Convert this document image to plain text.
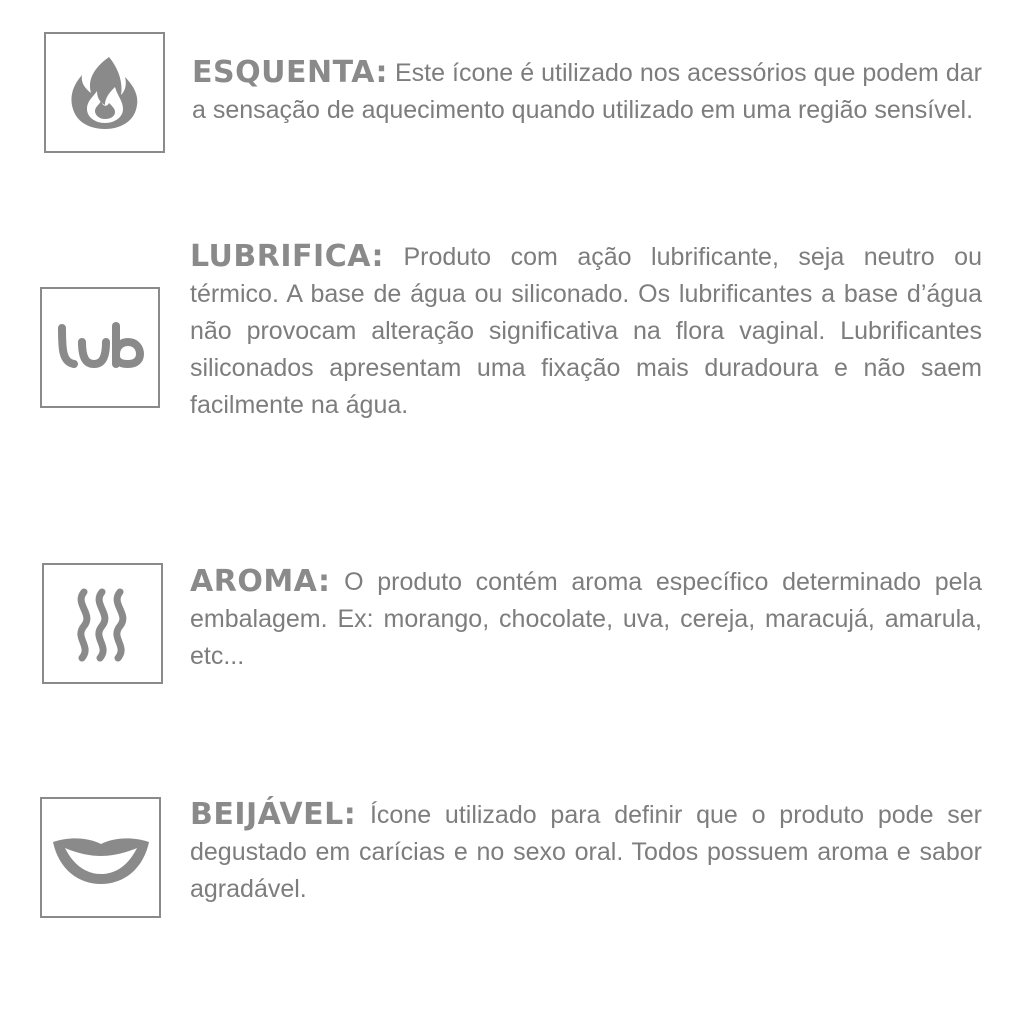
ESQUENTA: Este ícone é utilizado nos acessórios que podem dar a sensação de aquecimento quando utilizado em uma região sensível.

LUBRIFICA: Produto com ação lubrificante, seja neutro ou térmico. A base de água ou siliconado. Os lubrificantes a base d’água não provocam alteração significativa na flora vaginal. Lubrificantes siliconados apresentam uma fixação mais duradoura e não saem facilmente na água.

AROMA: O produto contém aroma específico determinado pela embalagem. Ex: morango, chocolate, uva, cereja, maracujá, amarula, etc...

BEIJÁVEL: Ícone utilizado para definir que o produto pode ser degustado em carícias e no sexo oral. Todos possuem aroma e sabor agradável.
